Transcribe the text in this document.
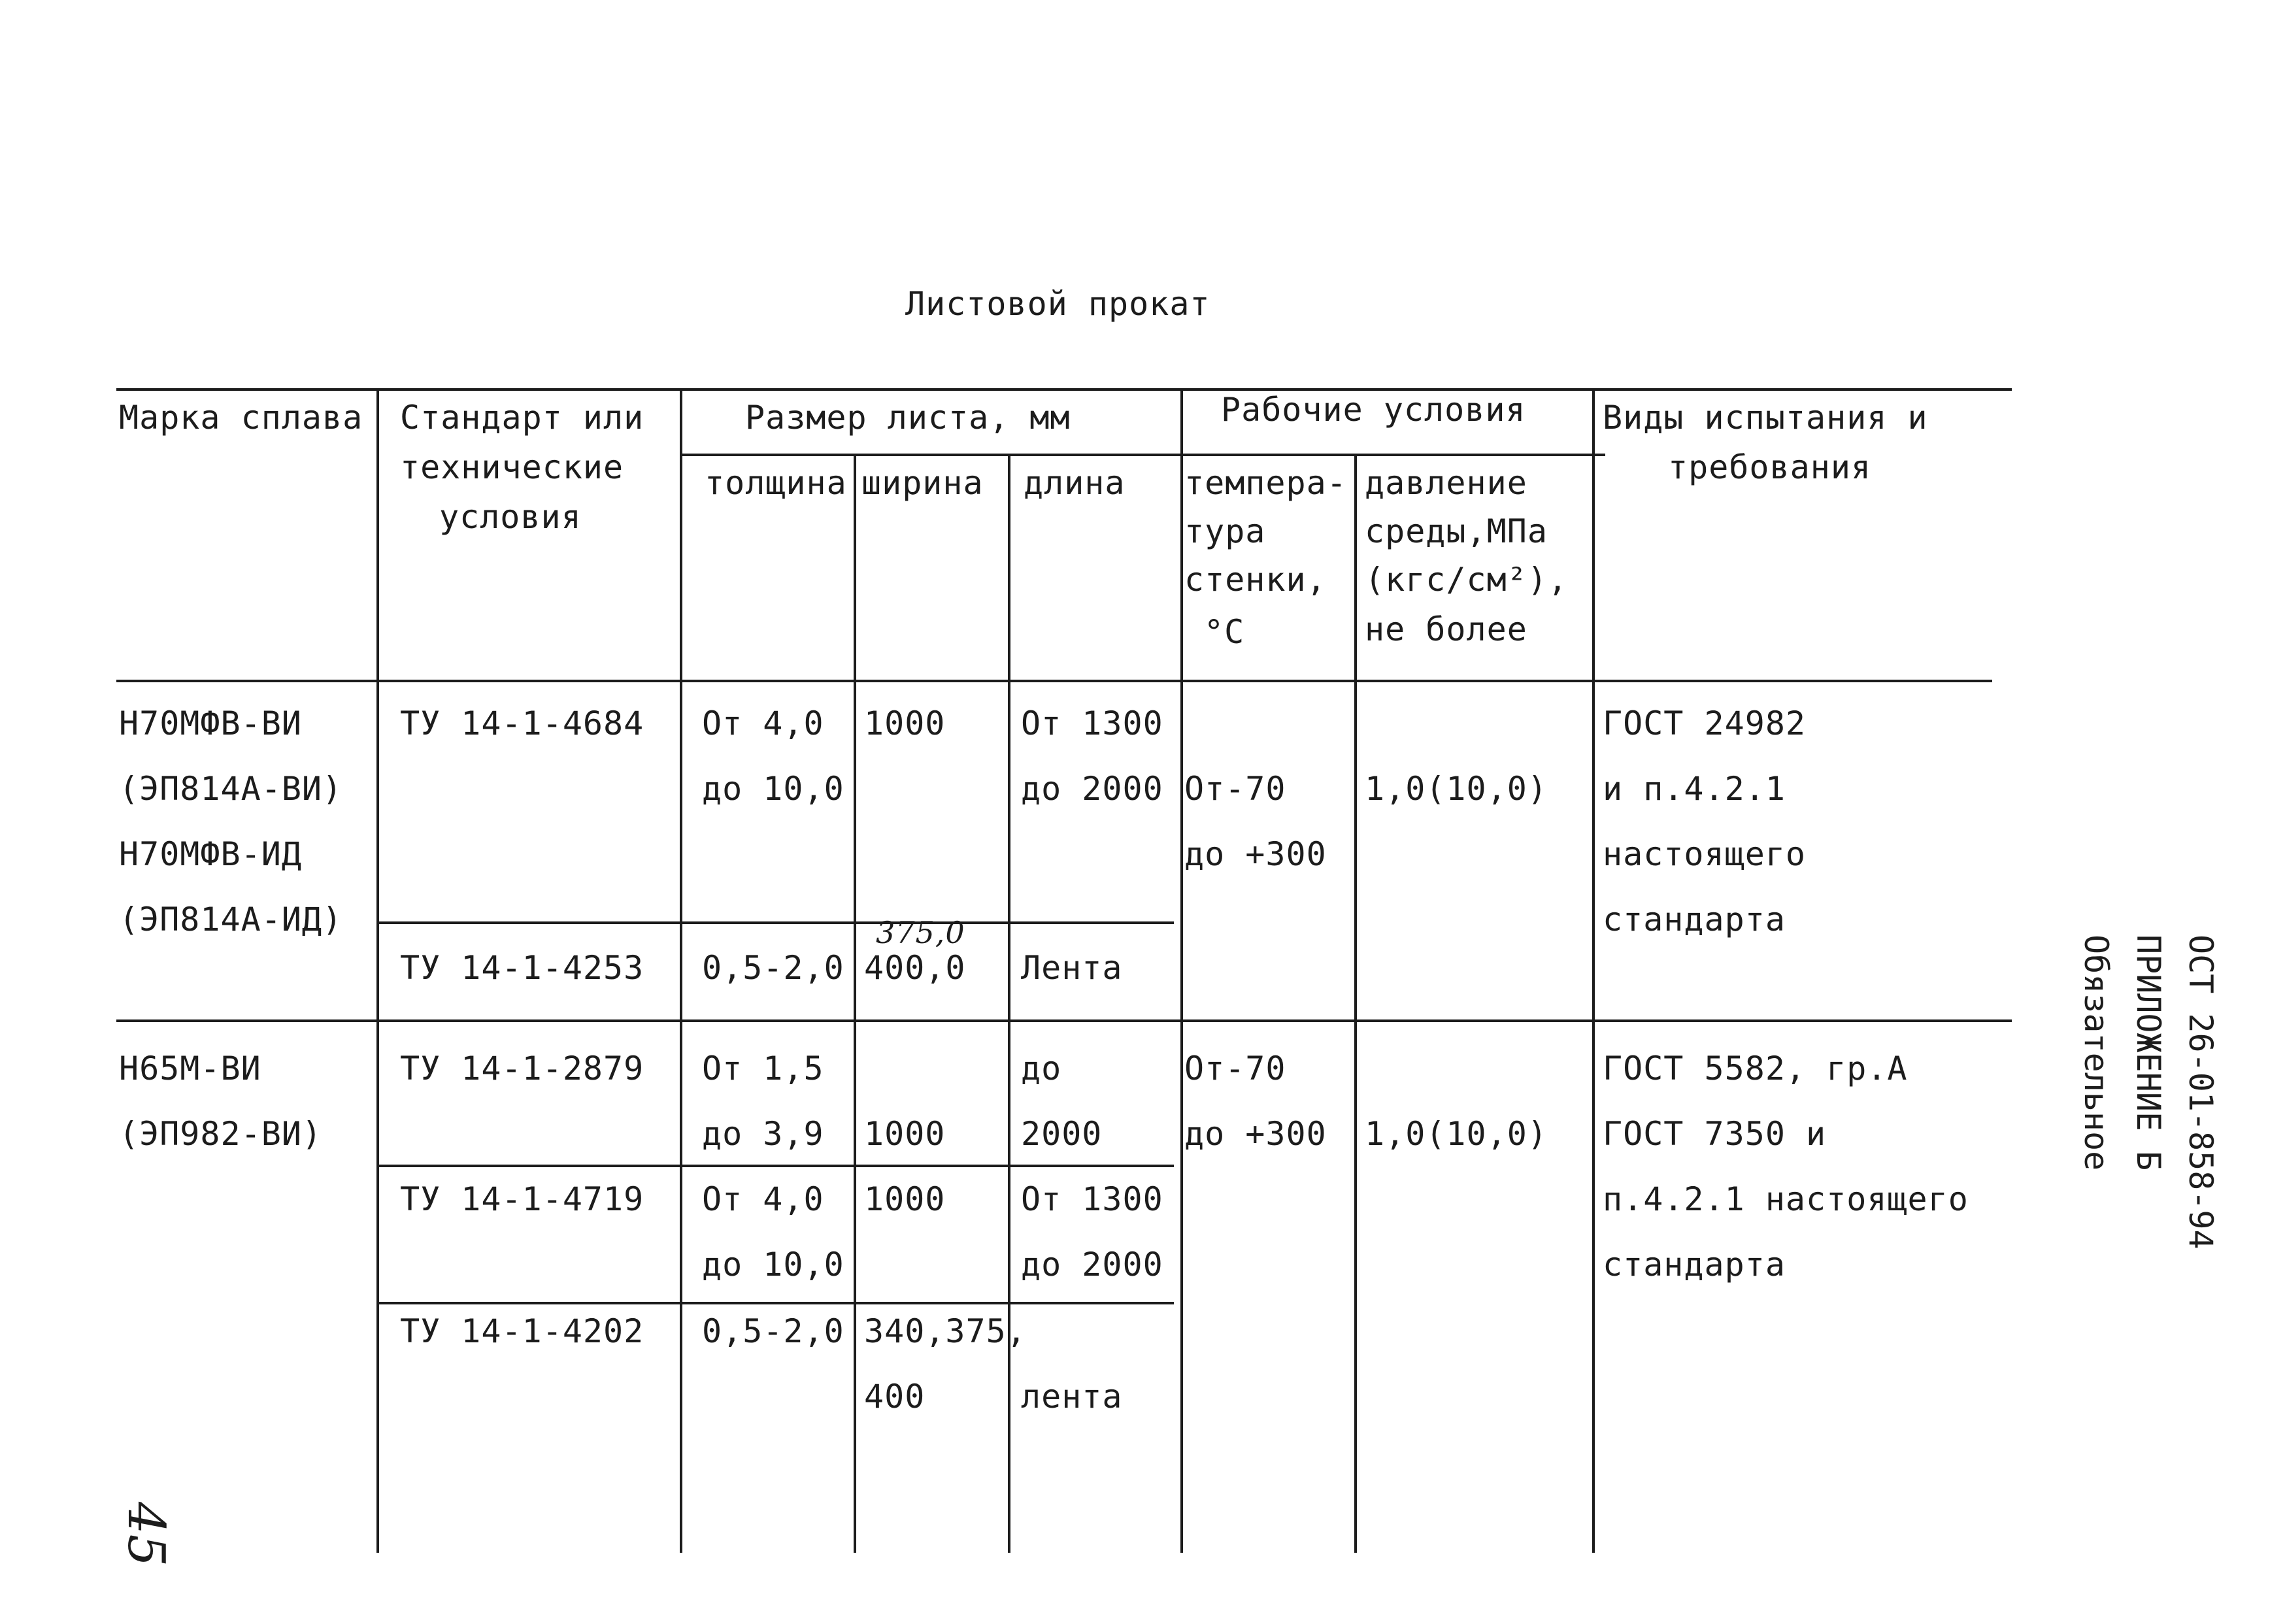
Листовой прокат
Марка сплава Стандарт или
технические
условия
Размер листа, мм
толщина ширина длина
Рабочие условия
темпера-
тура
стенки,
°С
давление
среды,МПа
(кгс/см²),
не более
Виды испытания и
требования
Н70МФВ-ВИ
(ЭП814А-ВИ)
Н70МФВ-ИД
(ЭП814А-ИД)
ТУ 14-1-4684 От 4,0
до 10,0
1000 От 1300
до 2000 От-70
до +300
1,0(10,0)
ГОСТ 24982
и п.4.2.1
настоящего
стандарта
ТУ 14-1-4253 0,5-2,0
375,0
400,0 Лента
Н65М-ВИ
(ЭП982-ВИ)
ТУ 14-1-2879 От 1,5
до 3,9 1000
до
2000
От-70
до +300 1,0(10,0)
ГОСТ 5582, гр.А
ГОСТ 7350 и
п.4.2.1 настоящего
стандарта
ТУ 14-1-4719 От 4,0
до 10,0
1000 От 1300
до 2000
ТУ 14-1-4202 0,5-2,0 340,375,
400	лента
ОСТ 26-01-858-94
ПРИЛОЖЕНИЕ Б
Обязательное
45
